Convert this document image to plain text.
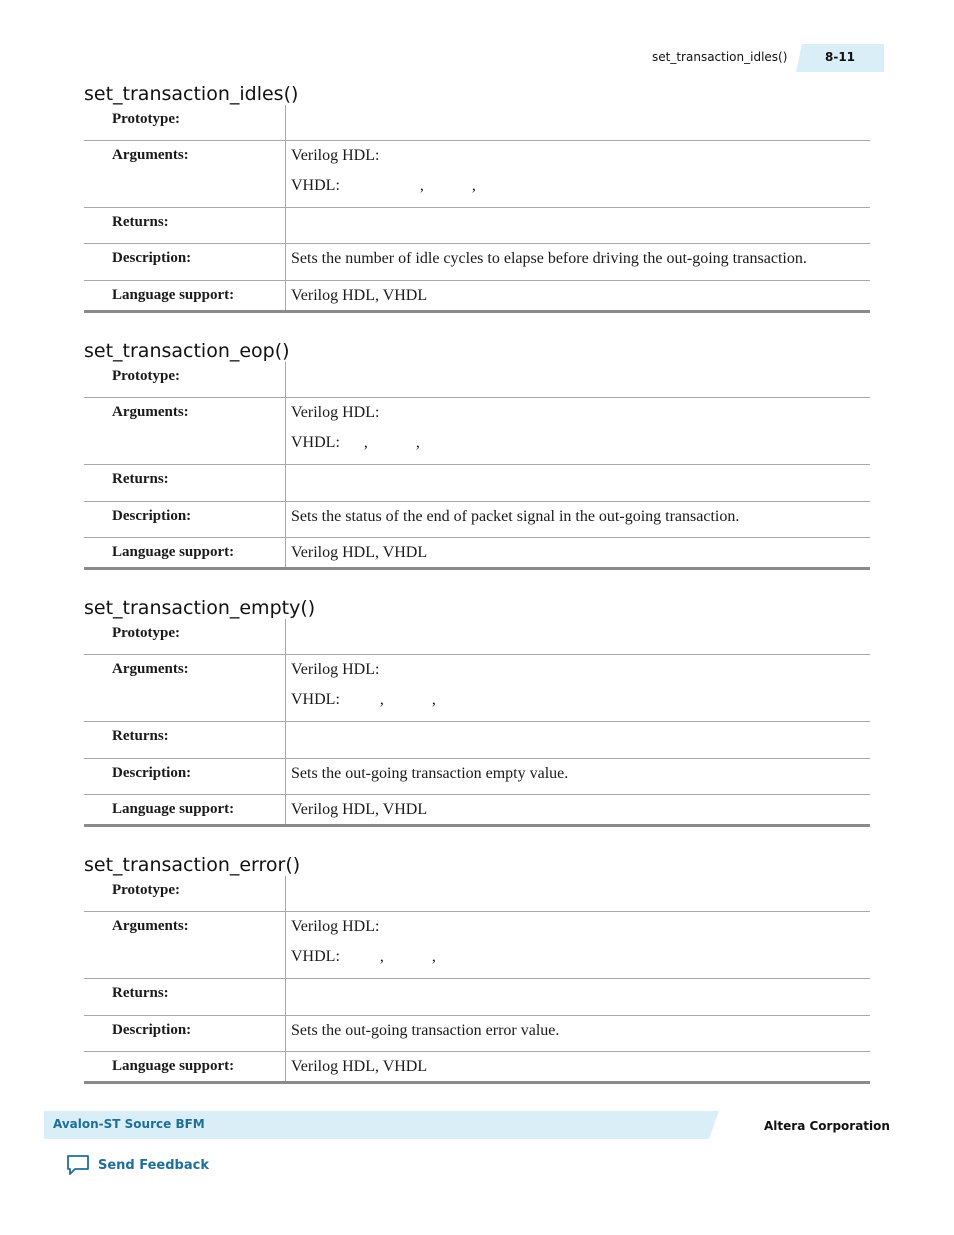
set_transaction_idles()	8-11
set_transaction_idles()
Prototype:
Arguments:	Verilog HDL:
VHDL:                    ,            ,
Returns:
Description:	Sets the number of idle cycles to elapse before driving the out-going transaction.
Language support:	Verilog HDL, VHDL
set_transaction_eop()
Prototype:
Arguments:	Verilog HDL:
VHDL:      ,            ,
Returns:
Description:	Sets the status of the end of packet signal in the out-going transaction.
Language support:	Verilog HDL, VHDL
set_transaction_empty()
Prototype:
Arguments:	Verilog HDL:
VHDL:          ,            ,
Returns:
Description:	Sets the out-going transaction empty value.
Language support:	Verilog HDL, VHDL
set_transaction_error()
Prototype:
Arguments:	Verilog HDL:
VHDL:          ,            ,
Returns:
Description:	Sets the out-going transaction error value.
Language support:	Verilog HDL, VHDL
Avalon-ST Source BFM	Altera Corporation
Send Feedback
